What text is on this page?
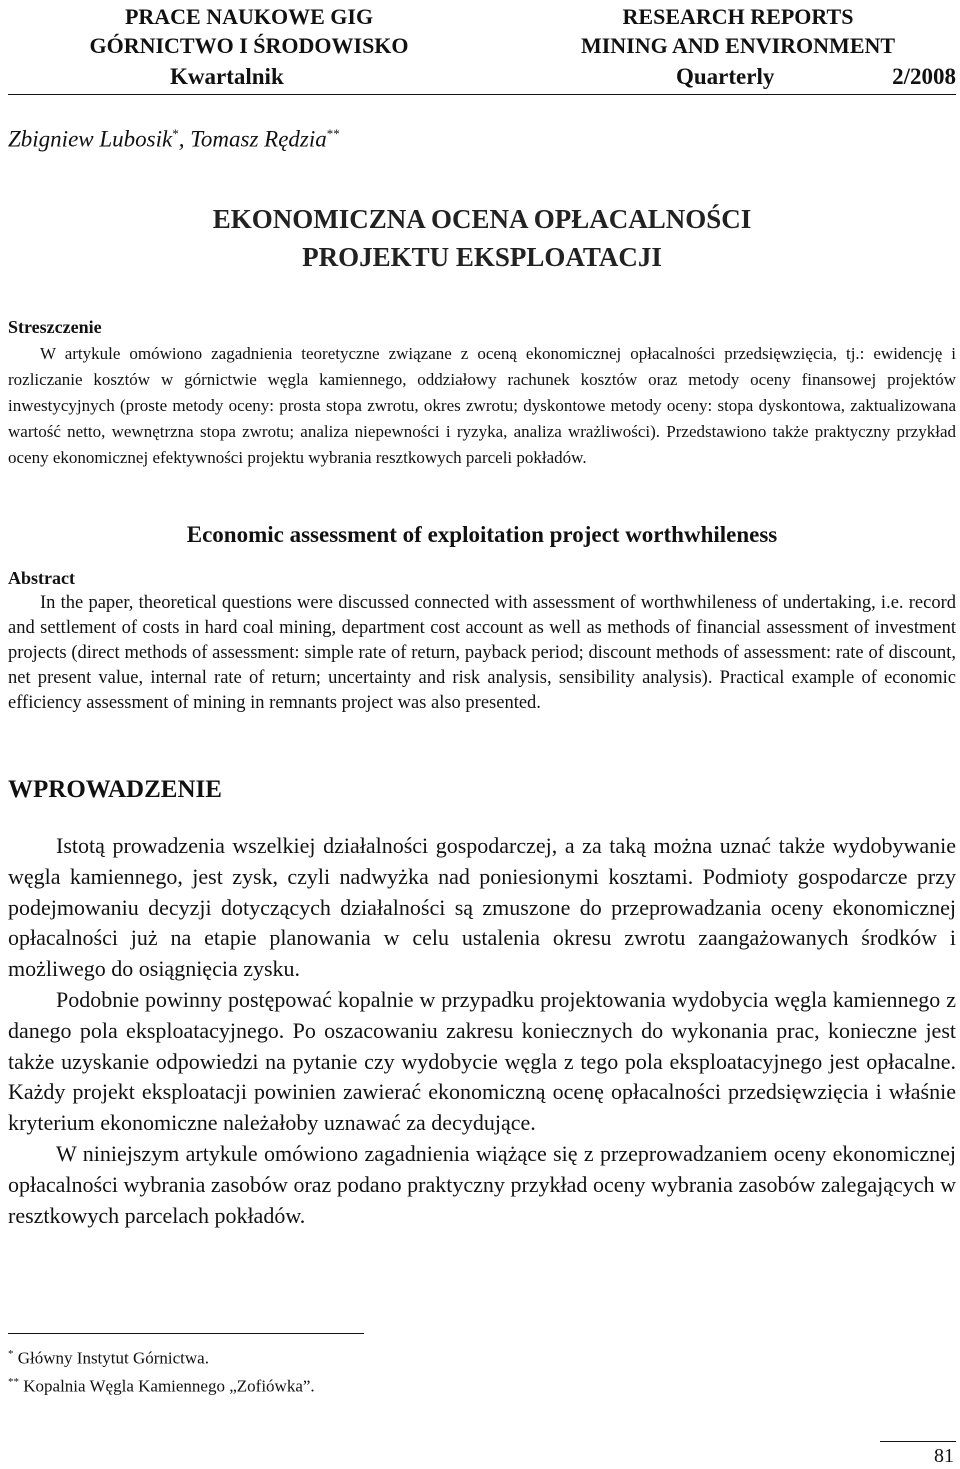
PRACE NAUKOWE GIG
GÓRNICTWO I ŚRODOWISKO
RESEARCH REPORTS
MINING AND ENVIRONMENT
Kwartalnik	Quarterly	2/2008
Zbigniew Lubosik*, Tomasz Rędzia**
EKONOMICZNA OCENA OPŁACALNOŚCI
PROJEKTU EKSPLOATACJI
Streszczenie
W artykule omówiono zagadnienia teoretyczne związane z oceną ekonomicznej opłacalności przedsięwzięcia, tj.: ewidencję i rozliczanie kosztów w górnictwie węgla kamiennego, oddziałowy rachunek kosztów oraz metody oceny finansowej projektów inwestycyjnych (proste metody oceny: prosta stopa zwrotu, okres zwrotu; dyskontowe metody oceny: stopa dyskontowa, zaktualizowana wartość netto, wewnętrzna stopa zwrotu; analiza niepewności i ryzyka, analiza wrażliwości). Przedstawiono także praktyczny przykład oceny ekonomicznej efektywności projektu wybrania resztkowych parceli pokładów.
Economic assessment of exploitation project worthwhileness
Abstract
In the paper, theoretical questions were discussed connected with assessment of worthwhileness of undertaking, i.e. record and settlement of costs in hard coal mining, department cost account as well as methods of financial assessment of investment projects (direct methods of assessment: simple rate of return, payback period; discount methods of assessment: rate of discount, net present value, internal rate of return; uncertainty and risk analysis, sensibility analysis). Practical example of economic efficiency assessment of mining in remnants project was also presented.
WPROWADZENIE

Istotą prowadzenia wszelkiej działalności gospodarczej, a za taką można uznać także wydobywanie węgla kamiennego, jest zysk, czyli nadwyżka nad poniesionymi kosztami. Podmioty gospodarcze przy podejmowaniu decyzji dotyczących działalności są zmuszone do przeprowadzania oceny ekonomicznej opłacalności już na etapie planowania w celu ustalenia okresu zwrotu zaangażowanych środków i możliwego do osiągnięcia zysku.

Podobnie powinny postępować kopalnie w przypadku projektowania wydobycia węgla kamiennego z danego pola eksploatacyjnego. Po oszacowaniu zakresu koniecznych do wykonania prac, konieczne jest także uzyskanie odpowiedzi na pytanie czy wydobycie węgla z tego pola eksploatacyjnego jest opłacalne. Każdy projekt eksploatacji powinien zawierać ekonomiczną ocenę opłacalności przedsięwzięcia i właśnie kryterium ekonomiczne należałoby uznawać za decydujące.

W niniejszym artykule omówiono zagadnienia wiążące się z przeprowadzaniem oceny ekonomicznej opłacalności wybrania zasobów oraz podano praktyczny przykład oceny wybrania zasobów zalegających w resztkowych parcelach pokładów.

* Główny Instytut Górnictwa.
** Kopalnia Węgla Kamiennego „Zofiówka”.
81
